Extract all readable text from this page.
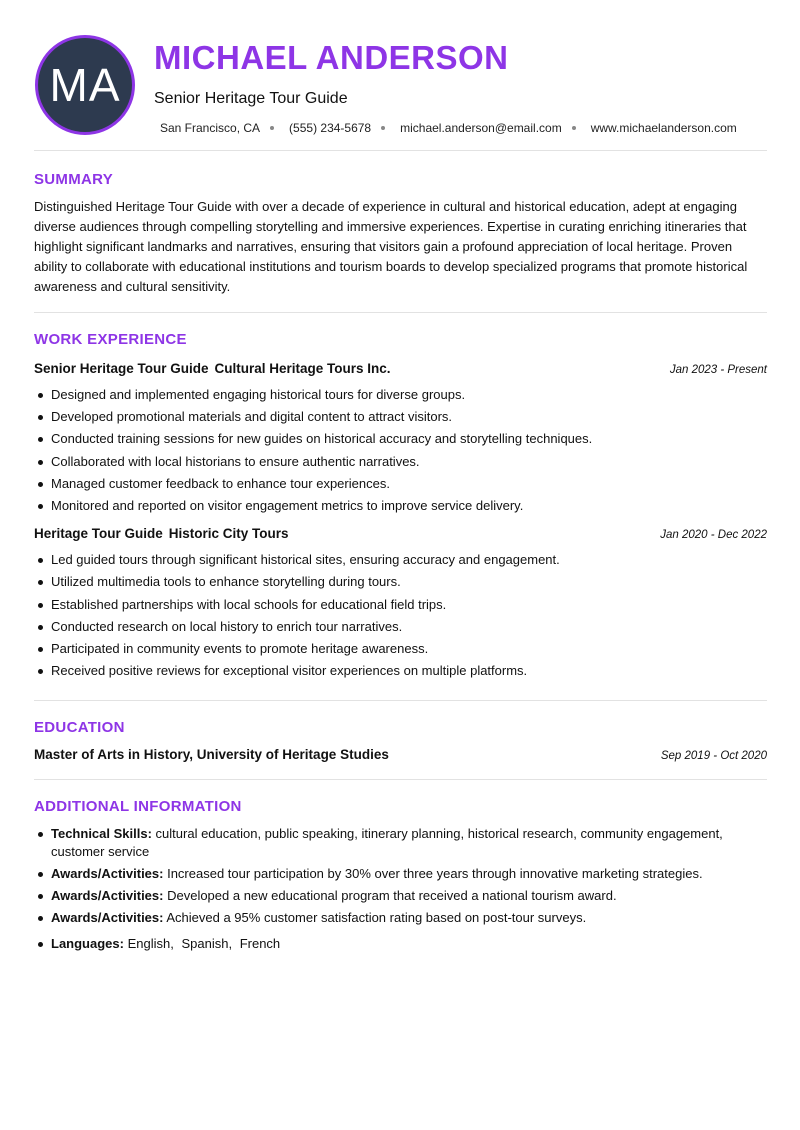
MA
MICHAEL ANDERSON
Senior Heritage Tour Guide
San Francisco, CA (555) 234-5678 michael.anderson@email.com www.michaelanderson.com
SUMMARY

Distinguished Heritage Tour Guide with over a decade of experience in cultural and historical education, adept at engaging diverse audiences through compelling storytelling and immersive experiences. Expertise in curating enriching itineraries that highlight significant landmarks and narratives, ensuring that visitors gain a profound appreciation of local heritage. Proven ability to collaborate with educational institutions and tourism boards to develop specialized programs that promote historical awareness and cultural sensitivity.

WORK EXPERIENCE
Senior Heritage Tour Guide Cultural Heritage Tours Inc.	Jan 2023 - Present
Designed and implemented engaging historical tours for diverse groups.
Developed promotional materials and digital content to attract visitors.
Conducted training sessions for new guides on historical accuracy and storytelling techniques.
Collaborated with local historians to ensure authentic narratives.
Managed customer feedback to enhance tour experiences.
Monitored and reported on visitor engagement metrics to improve service delivery.
Heritage Tour Guide Historic City Tours	Jan 2020 - Dec 2022
Led guided tours through significant historical sites, ensuring accuracy and engagement.
Utilized multimedia tools to enhance storytelling during tours.
Established partnerships with local schools for educational field trips.
Conducted research on local history to enrich tour narratives.
Participated in community events to promote heritage awareness.
Received positive reviews for exceptional visitor experiences on multiple platforms.
EDUCATION
Master of Arts in History, University of Heritage Studies	Sep 2019 - Oct 2020
ADDITIONAL INFORMATION
Technical Skills: cultural education, public speaking, itinerary planning, historical research, community engagement, customer service
Awards/Activities: Increased tour participation by 30% over three years through innovative marketing strategies.
Awards/Activities: Developed a new educational program that received a national tourism award.
Awards/Activities: Achieved a 95% customer satisfaction rating based on post-tour surveys.
Languages: English, Spanish, French
